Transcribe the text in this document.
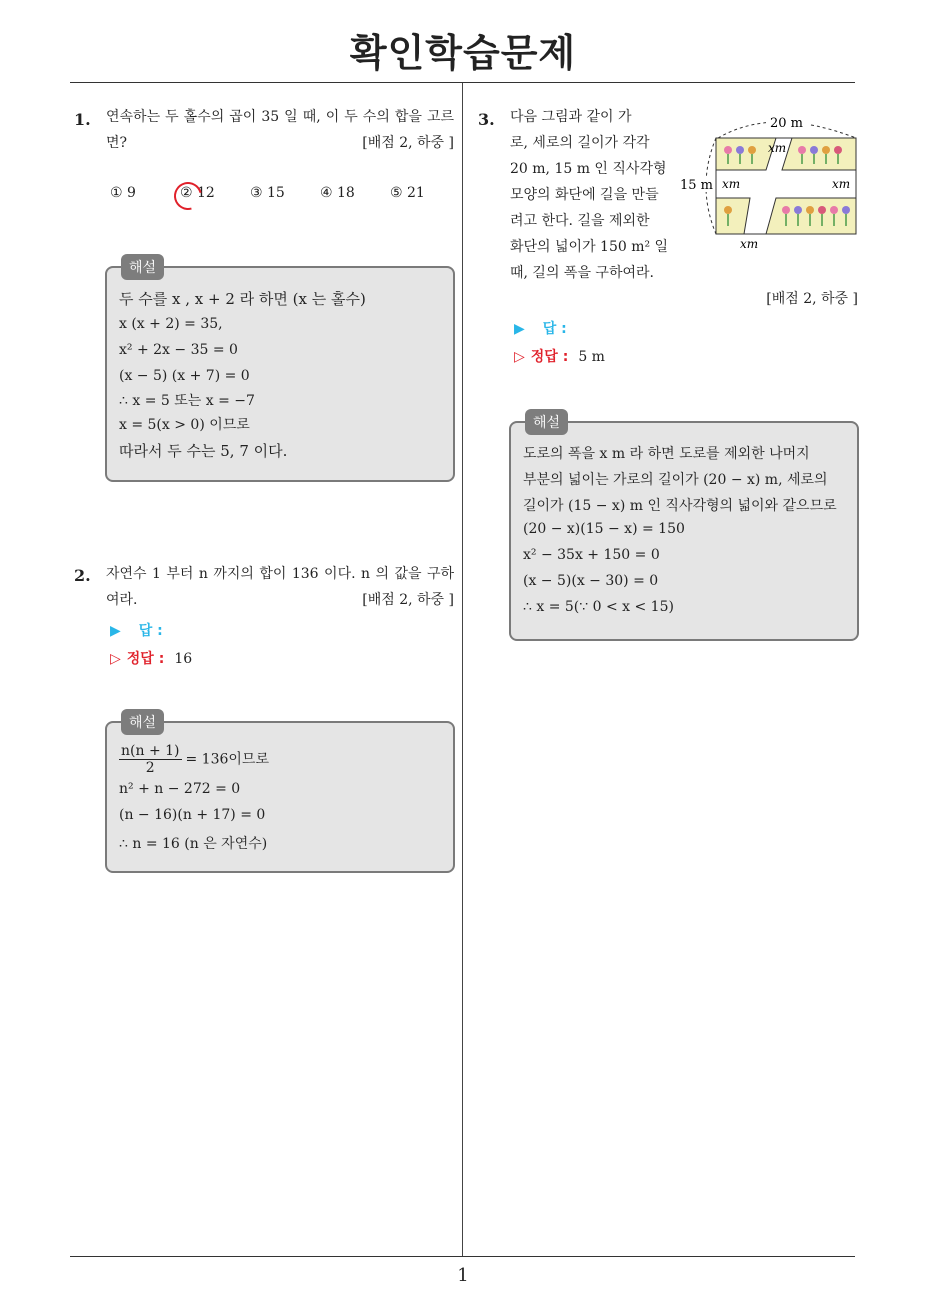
확인학습문제
1
1. 연속하는 두 홀수의 곱이 35 일 때, 이 두 수의 합을 고르면?	[배점 2, 하중 ]
① 9	② 12	③ 15	④ 18	⑤ 21
해설
두 수를 x , x + 2 라 하면 (x 는 홀수)
x (x + 2) = 35,
x² + 2x − 35 = 0
(x − 5) (x + 7) = 0
∴ x = 5 또는 x = −7
x = 5(x > 0) 이므로
따라서 두 수는 5, 7 이다.
2. 자연수 1 부터 n 까지의 합이 136 이다. n 의 값을 구하여라.	[배점 2, 하중 ]
▶ 답 :
▷ 정답 : 16
해설
$\frac{n(n + 1)}{2} = 136$이므로
n² + n − 272 = 0
(n − 16)(n + 17) = 0
∴ n = 16 (n 은 자연수)
3. 다음 그림과 같이 가
로, 세로의 길이가 각각
20 m, 15 m 인 직사각형
모양의 화단에 길을 만들
려고 한다. 길을 제외한
화단의 넓이가 150 m² 일
때, 길의 폭을 구하여라.
20 m
15 m
xm
xm	xm
xm
[배점 2, 하중 ]
▶ 답 :
▷ 정답 : 5 m
해설
도로의 폭을 x m 라 하면 도로를 제외한 나머지
부분의 넓이는 가로의 길이가 (20 − x) m, 세로의
길이가 (15 − x) m 인 직사각형의 넓이와 같으므로
(20 − x)(15 − x) = 150
x² − 35x + 150 = 0
(x − 5)(x − 30) = 0
∴ x = 5(∵ 0 < x < 15)
